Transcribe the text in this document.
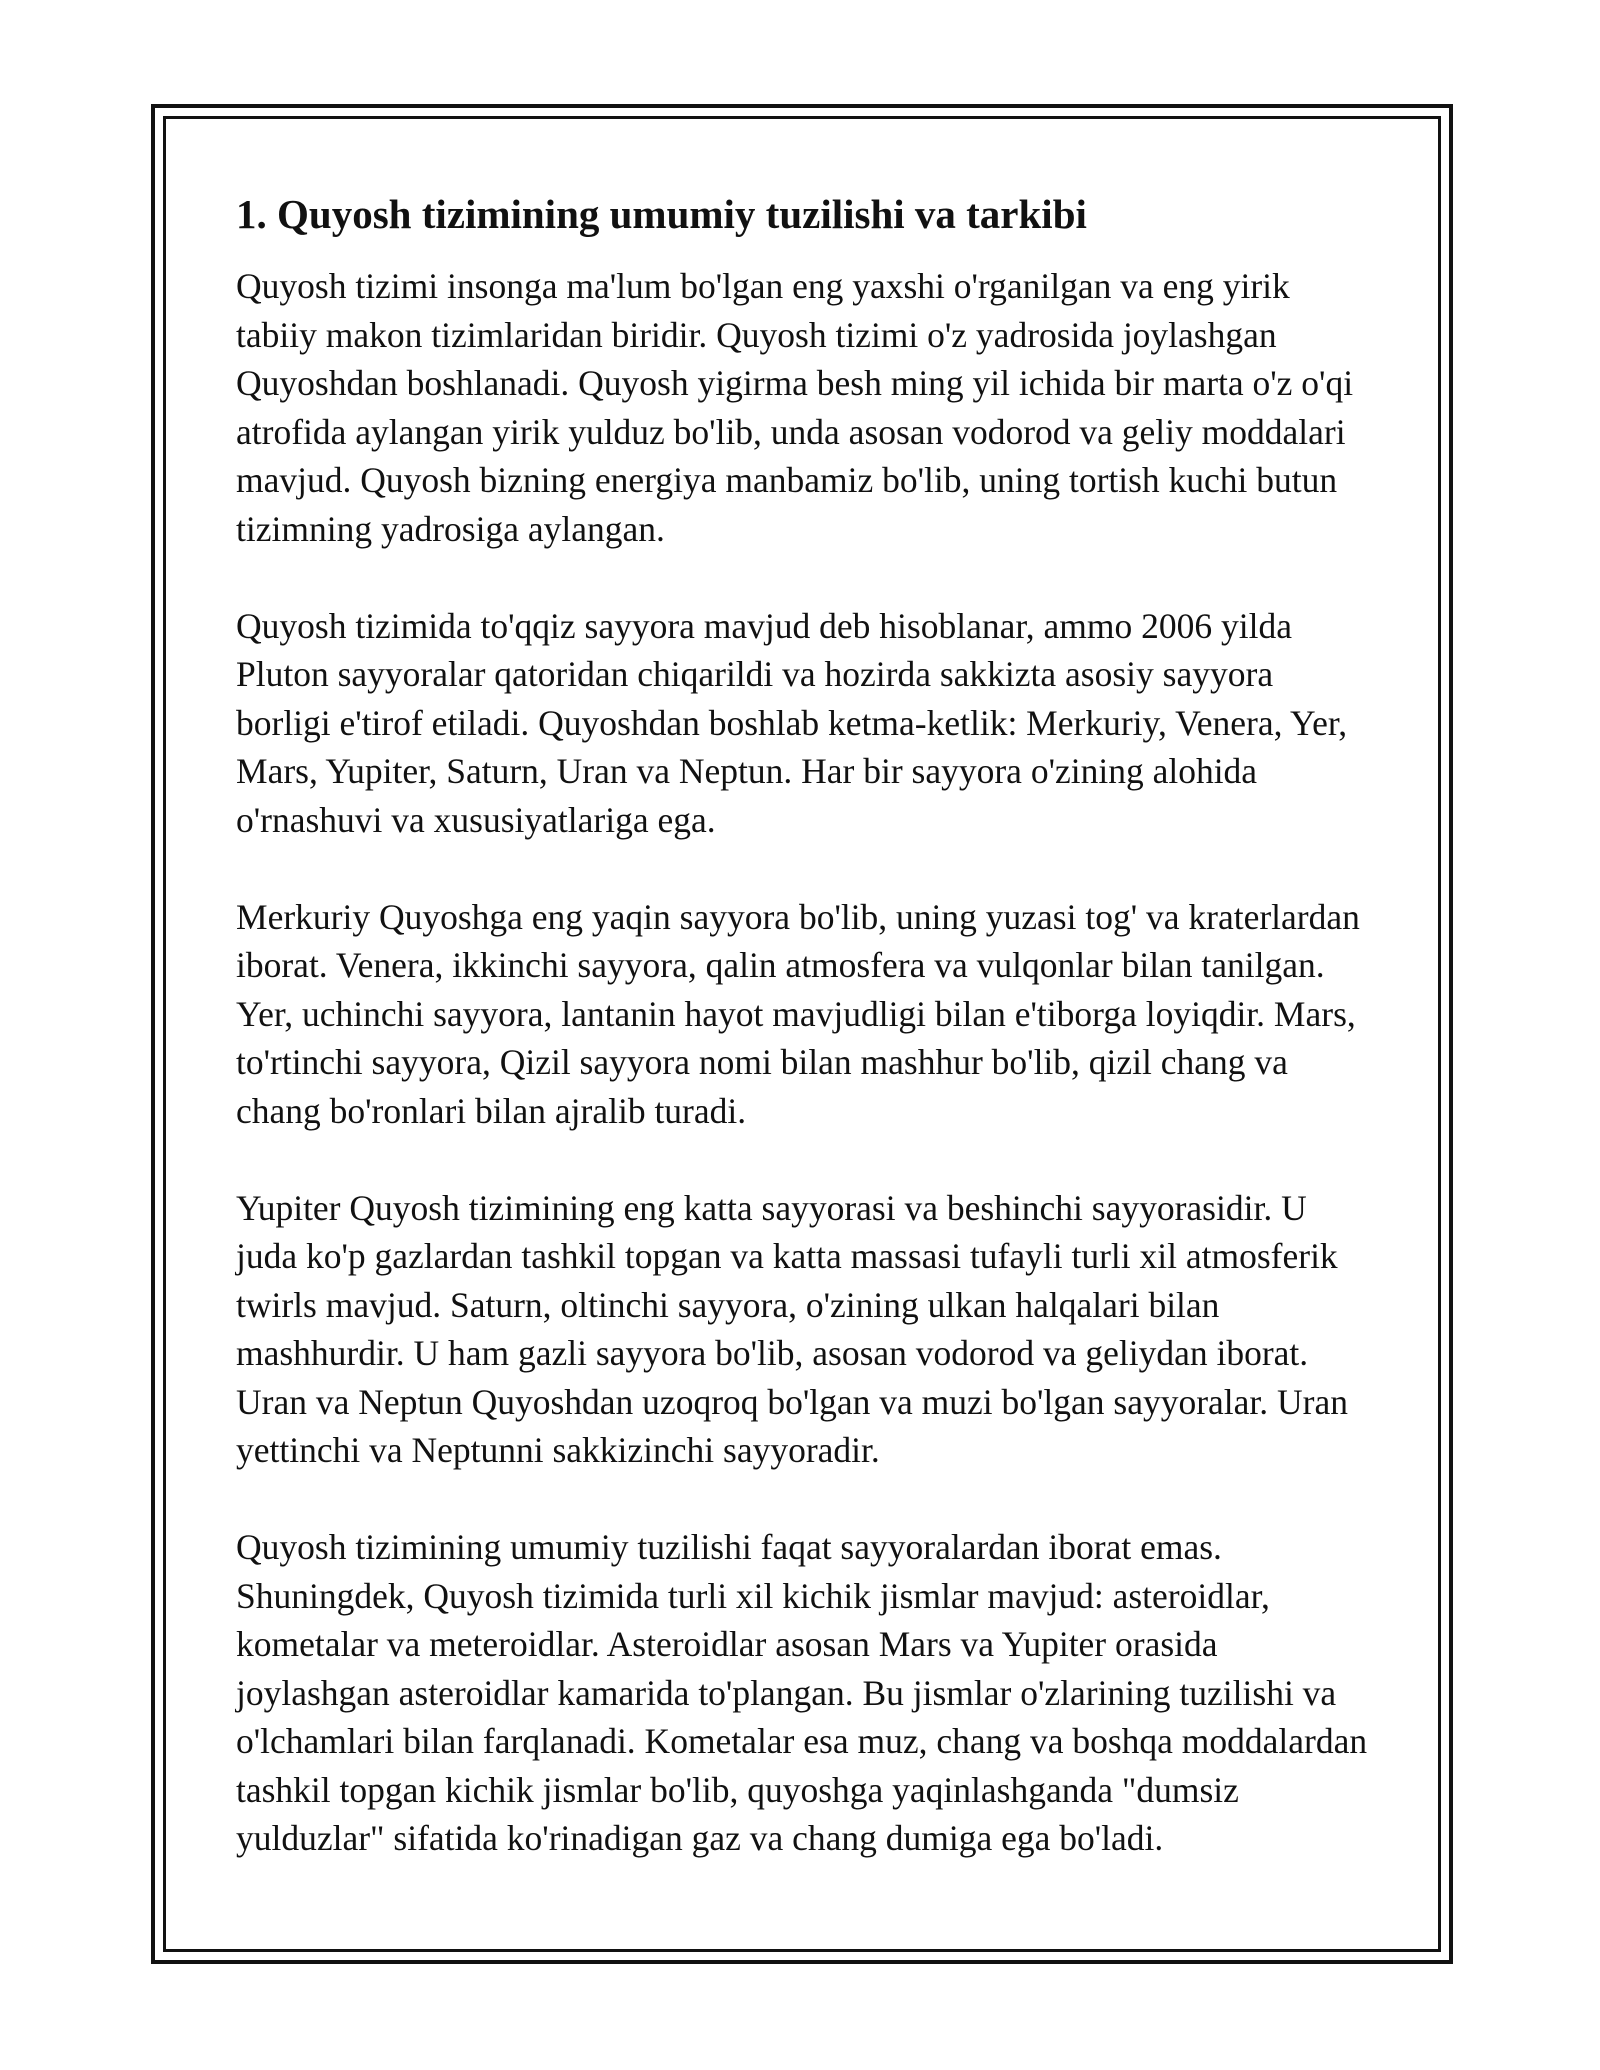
1. Quyosh tizimining umumiy tuzilishi va tarkibi

Quyosh tizimi insonga ma'lum bo'lgan eng yaxshi o'rganilgan va eng yirik tabiiy makon tizimlaridan biridir. Quyosh tizimi o'z yadrosida joylashgan Quyoshdan boshlanadi. Quyosh yigirma besh ming yil ichida bir marta o'z o'qi atrofida aylangan yirik yulduz bo'lib, unda asosan vodorod va geliy moddalari mavjud. Quyosh bizning energiya manbamiz bo'lib, uning tortish kuchi butun tizimning yadrosiga aylangan.

Quyosh tizimida to'qqiz sayyora mavjud deb hisoblanar, ammo 2006 yilda Pluton sayyoralar qatoridan chiqarildi va hozirda sakkizta asosiy sayyora borligi e'tirof etiladi. Quyoshdan boshlab ketma-ketlik: Merkuriy, Venera, Yer, Mars, Yupiter, Saturn, Uran va Neptun. Har bir sayyora o'zining alohida o'rnashuvi va xususiyatlariga ega.

Merkuriy Quyoshga eng yaqin sayyora bo'lib, uning yuzasi tog' va kraterlardan iborat. Venera, ikkinchi sayyora, qalin atmosfera va vulqonlar bilan tanilgan. Yer, uchinchi sayyora, lantanin hayot mavjudligi bilan e'tiborga loyiqdir. Mars, to'rtinchi sayyora, Qizil sayyora nomi bilan mashhur bo'lib, qizil chang va chang bo'ronlari bilan ajralib turadi.

Yupiter Quyosh tizimining eng katta sayyorasi va beshinchi sayyorasidir. U juda ko'p gazlardan tashkil topgan va katta massasi tufayli turli xil atmosferik twirls mavjud. Saturn, oltinchi sayyora, o'zining ulkan halqalari bilan mashhurdir. U ham gazli sayyora bo'lib, asosan vodorod va geliydan iborat. Uran va Neptun Quyoshdan uzoqroq bo'lgan va muzi bo'lgan sayyoralar. Uran yettinchi va Neptunni sakkizinchi sayyoradir.

Quyosh tizimining umumiy tuzilishi faqat sayyoralardan iborat emas. Shuningdek, Quyosh tizimida turli xil kichik jismlar mavjud: asteroidlar, kometalar va meteroidlar. Asteroidlar asosan Mars va Yupiter orasida joylashgan asteroidlar kamarida to'plangan. Bu jismlar o'zlarining tuzilishi va o'lchamlari bilan farqlanadi. Kometalar esa muz, chang va boshqa moddalardan tashkil topgan kichik jismlar bo'lib, quyoshga yaqinlashganda "dumsiz yulduzlar" sifatida ko'rinadigan gaz va chang dumiga ega bo'ladi.
